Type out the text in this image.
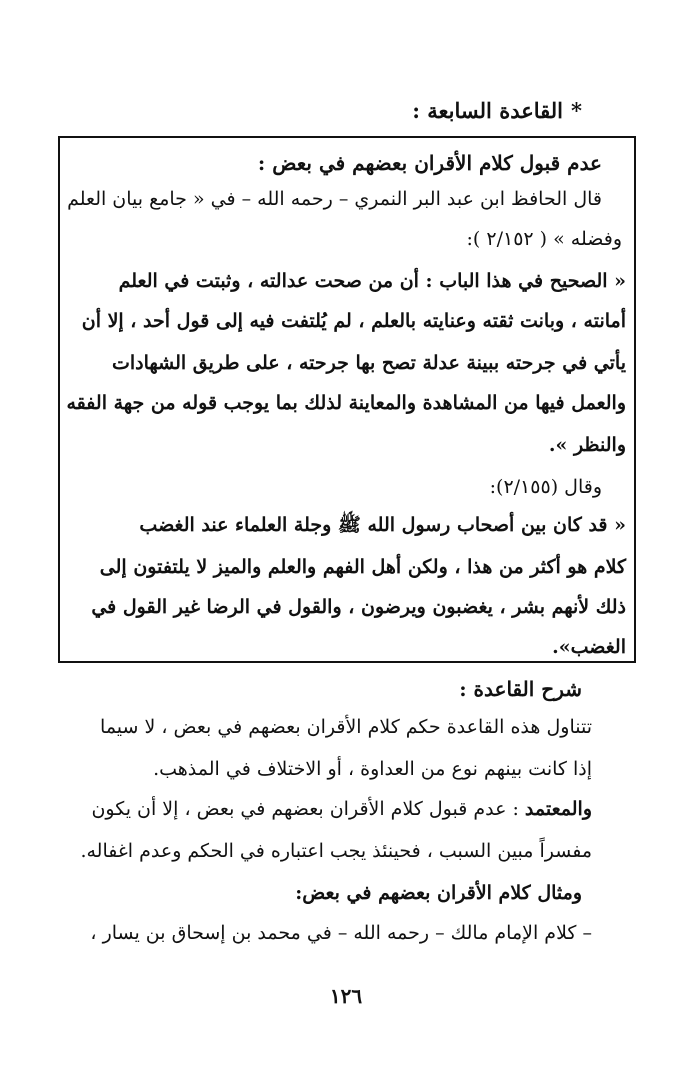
*القاعدة السابعة :
عدم قبول كلام الأقران بعضهم في بعض :
قال الحافظ ابن عبد البر النمري – رحمه الله – في « جامع بيان العلم
وفضله » ( ٢/١٥٢ ):
« الصحيح في هذا الباب : أن من صحت عدالته ، وثبتت في العلم
أمانته ، وبانت ثقته وعنايته بالعلم ، لم يُلتفت فيه إلى قول أحد ، إلا أن
يأتي في جرحته ببينة عدلة تصح بها جرحته ، على طريق الشهادات
والعمل فيها من المشاهدة والمعاينة لذلك بما يوجب قوله من جهة الفقه
والنظر ».
وقال (٢/١٥٥):
« قد كان بين أصحاب رسول الله ﷺ وجلة العلماء عند الغضب
كلام هو أكثر من هذا ، ولكن أهل الفهم والعلم والميز لا يلتفتون إلى
ذلك لأنهم بشر ، يغضبون ويرضون ، والقول في الرضا غير القول في
الغضب».
شرح القاعدة :
تتناول هذه القاعدة حكم كلام الأقران بعضهم في بعض ، لا سيما
إذا كانت بينهم نوع من العداوة ، أو الاختلاف في المذهب.
والمعتمد : عدم قبول كلام الأقران بعضهم في بعض ، إلا أن يكون
مفسراً مبين السبب ، فحينئذ يجب اعتباره في الحكم وعدم اغفاله.
ومثال كلام الأقران بعضهم في بعض:
– كلام الإمام مالك – رحمه الله – في محمد بن إسحاق بن يسار ،
١٢٦
